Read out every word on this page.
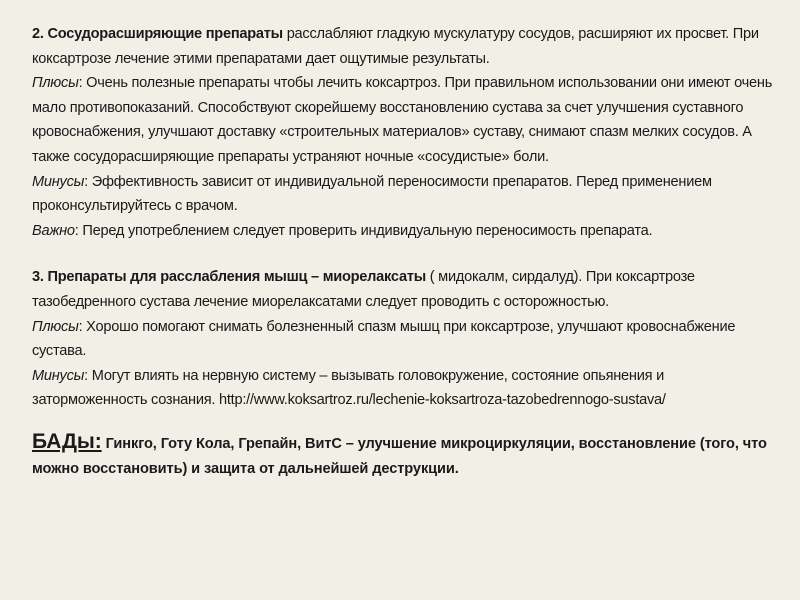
2. Сосудорасширяющие препараты расслабляют гладкую мускулатуру сосудов, расширяют их просвет. При коксартрозе лечение этими препаратами дает ощутимые результаты.

Плюсы: Очень полезные препараты чтобы лечить коксартроз. При правильном использовании они имеют очень мало противопоказаний. Способствуют скорейшему восстановлению сустава за счет улучшения суставного кровоснабжения, улучшают доставку «строительных материалов» суставу, снимают спазм мелких сосудов. А также сосудорасширяющие препараты устраняют ночные «сосудистые» боли.

Минусы: Эффективность зависит от индивидуальной переносимости препаратов. Перед применением проконсультируйтесь с врачом.

Важно: Перед употреблением следует проверить индивидуальную переносимость препарата.

3. Препараты для расслабления мышц – миорелаксаты ( мидокалм, сирдалуд). При коксартрозе тазобедренного сустава лечение миорелаксатами следует проводить с осторожностью.

Плюсы: Хорошо помогают снимать болезненный спазм мышц при коксартрозе, улучшают кровоснабжение сустава.

Минусы: Могут влиять на нервную систему – вызывать головокружение, состояние опьянения и заторможенность сознания. http://www.koksartroz.ru/lechenie-koksartroza-tazobedrennogo-sustava/

БАДы: Гинкго, Готу Кола, Грепайн, ВитС – улучшение микроциркуляции, восстановление (того, что можно восстановить) и защита от дальнейшей деструкции.
